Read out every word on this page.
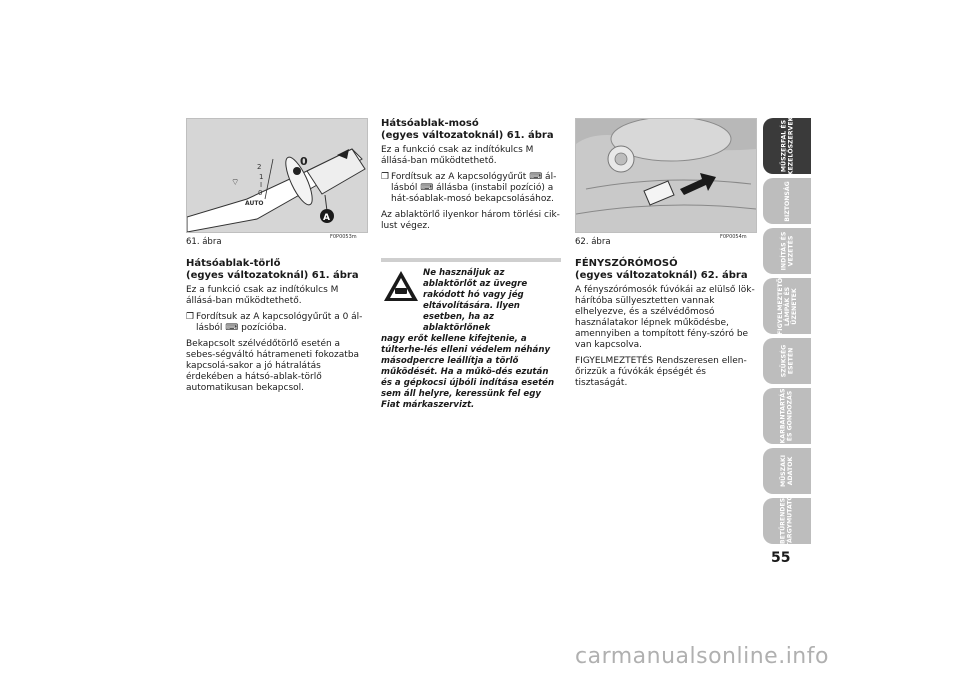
⌔
2
1
I
0
AUTO
0
A
F0P0053m
61. ábra	F0P0054m
62. ábra
Hátsóablak-törlő
(egyes változatoknál) 61. ábra

Ez a funkció csak az indítókulcs M állásá-ban működtethető.

❐ Fordítsuk az A kapcsológyűrűt a 0 ál-lásból ⌨ pozícióba.

Bekapcsolt szélvédőtörlő esetén a sebes-ségváltó hátrameneti fokozatba kapcsolá-sakor a jó hátralátás érdekében a hátsó-ablak-törlő automatikusan bekapcsol.

Hátsóablak-mosó
(egyes változatoknál) 61. ábra

Ez a funkció csak az indítókulcs M állásá-ban működtethető.

❐ Fordítsuk az A kapcsológyűrűt ⌨ ál-lásból ⌨ állásba (instabil pozíció) a hát-sóablak-mosó bekapcsolásához.

Az ablaktörlő ilyenkor három törlési cik-lust végez.

Ne használjuk az ablaktörlőt az üvegre rakódott hó vagy jég eltávolítására. Ilyen esetben, ha az ablaktörlőnek
nagy erőt kellene kifejtenie, a túlterhe-lés elleni védelem néhány másodpercre leállítja a törlő működését. Ha a műkö-dés ezután és a gépkocsi újbóli indítása esetén sem áll helyre, keressünk fel egy Fiat márkaszervizt.
FÉNYSZÓRÓMOSÓ
(egyes változatoknál) 62. ábra

A fényszórómosók fúvókái az elülső lök-hárítóba süllyesztetten vannak elhelyezve, és a szélvédőmosó használatakor lépnek működésbe, amennyiben a tompított fény-szóró be van kapcsolva.

FIGYELMEZTETÉS Rendszeresen ellen-őrizzük a fúvókák épségét és tisztaságát.

MŰSZERFAL ÉS
KEZELŐSZERVEK
BIZTONSÁG
INDÍTÁS ÉS
VEZETÉS
FIGYELMEZTETŐ
LÁMPÁK ÉS
ÜZENETEK
SZÜKSÉG
ESETÉN
KARBANTARTÁS
ÉS GONDOZÁS
MŰSZAKI
ADATOK
BETŰRENDES
TÁRGYMUTATÓ
55
carmanualsonline.info
